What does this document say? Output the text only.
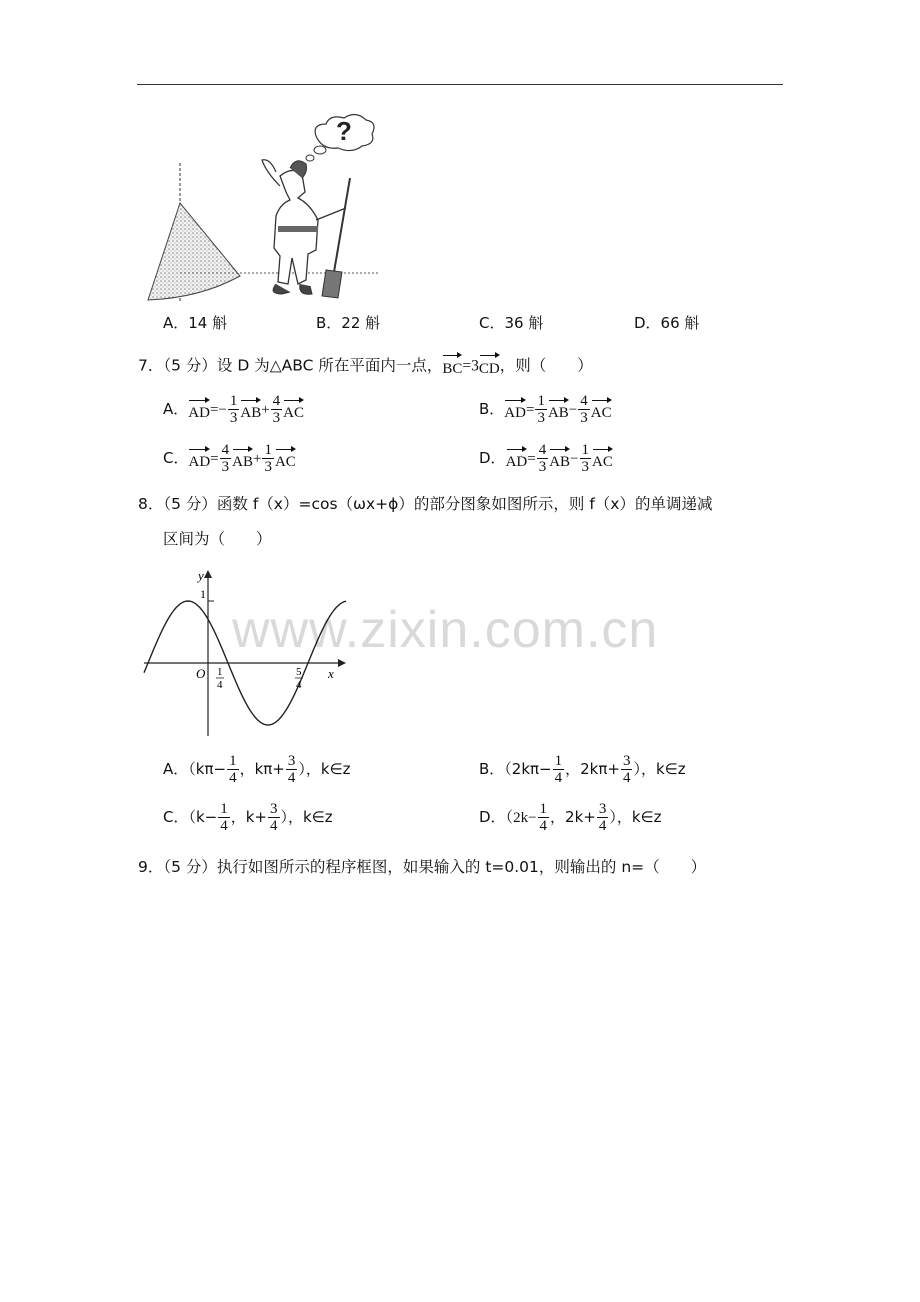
?
A．14 斛	B．22 斛	C．36 斛	D．66 斛
7．（5 分）设 D 为△ABC 所在平面内一点，
BC=3
CD，则（　　）
A．
$AD=- \frac{1}{3} AB+ \frac{4}{3}$ AC	B．
$AD= \frac{1}{3} AB- \frac{4}{3}$ AC
C．
$AD= \frac{4}{3} AB+ \frac{1}{3}$ AC	D．
$AD= \frac{4}{3} AB- \frac{1}{3}$ AC
8．（5 分）函数 f（x）=cos（ωx+ϕ）的部分图象如图所示，则 f（x）的单调递减
区间为（　　）
www.zixin.com.cn
y
1
O	x
1
4
5
4
A．（$k\pi- \frac{1}{4}$ ，$k\pi+ \frac{3}{4}$ ），k∈z	B．（$2k\pi- \frac{1}{4}$ ，$2k\pi+ \frac{3}{4}$ ），k∈z
C．（$k- \frac{1}{4}$ ，$k+ \frac{3}{4}$ ），k∈z	D．（$2k- \frac{1}{4}$ ，$2k+ \frac{3}{4}$ ），k∈z
9．（5 分）执行如图所示的程序框图，如果输入的 t=0.01，则输出的 n=（　　）
